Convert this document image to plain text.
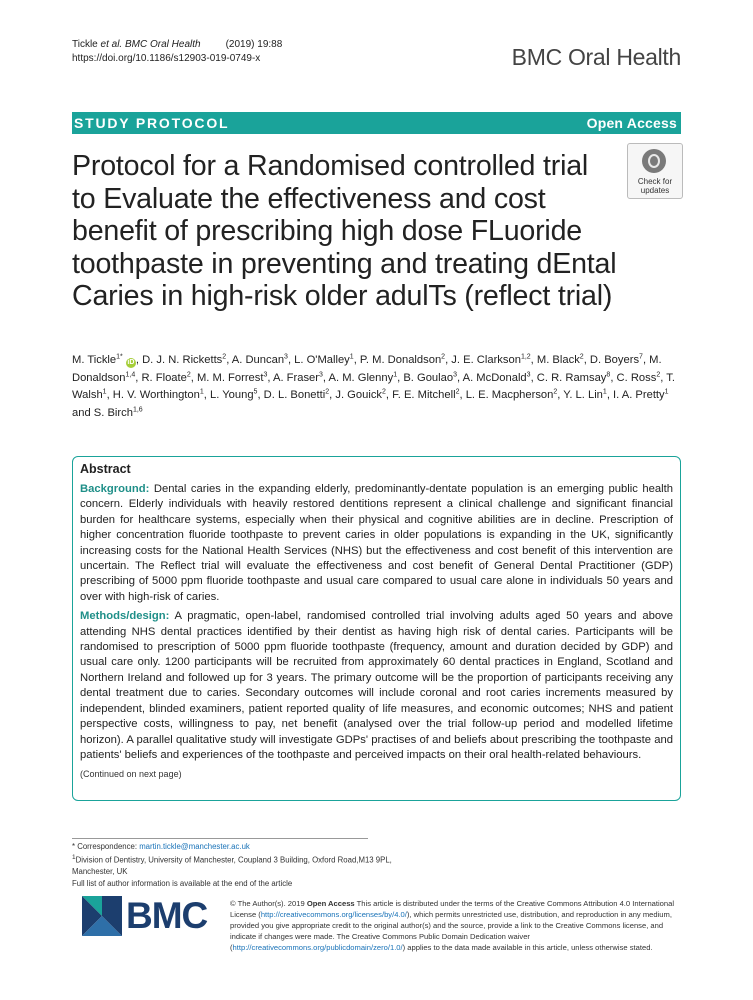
Tickle et al. BMC Oral Health	(2019) 19:88
https://doi.org/10.1186/s12903-019-0749-x	BMC Oral Health
STUDY PROTOCOL	Open Access
Protocol for a Randomised controlled trial to Evaluate the effectiveness and cost benefit of prescribing high dose FLuoride toothpaste in preventing and treating dEntal Caries in high-risk older adulTs (reflect trial)
Check for updates
M. Tickle$^{1*}$ iD , D. J. N. Ricketts$^2$, A. Duncan$^3$, L. O'Malley$^1$, P. M. Donaldson$^2$, J. E. Clarkson$^{1,2}$, M. Black$^2$, D. Boyers$^7$, M. Donaldson$^{1,4}$, R. Floate$^2$, M. M. Forrest$^3$, A. Fraser$^3$, A. M. Glenny$^1$, B. Goulao$^3$, A. McDonald$^3$, C. R. Ramsay$^8$, C. Ross$^2$, T. Walsh$^1$, H. V. Worthington$^1$, L. Young$^5$, D. L. Bonetti$^2$, J. Gouick$^2$, F. E. Mitchell$^2$, L. E. Macpherson$^2$, Y. L. Lin$^1$, I. A. Pretty$^1$ and S. Birch$^{1,6}$
Abstract

Background: Dental caries in the expanding elderly, predominantly-dentate population is an emerging public health concern. Elderly individuals with heavily restored dentitions represent a clinical challenge and significant financial burden for healthcare systems, especially when their physical and cognitive abilities are in decline. Prescription of higher concentration fluoride toothpaste to prevent caries in older populations is expanding in the UK, significantly increasing costs for the National Health Services (NHS) but the effectiveness and cost benefit of this intervention are uncertain. The Reflect trial will evaluate the effectiveness and cost benefit of General Dental Practitioner (GDP) prescribing of 5000 ppm fluoride toothpaste and usual care compared to usual care alone in individuals 50 years and over with high-risk of caries.

Methods/design: A pragmatic, open-label, randomised controlled trial involving adults aged 50 years and above attending NHS dental practices identified by their dentist as having high risk of dental caries. Participants will be randomised to prescription of 5000 ppm fluoride toothpaste (frequency, amount and duration decided by GDP) and usual care only. 1200 participants will be recruited from approximately 60 dental practices in England, Scotland and Northern Ireland and followed up for 3 years. The primary outcome will be the proportion of participants receiving any dental treatment due to caries. Secondary outcomes will include coronal and root caries increments measured by independent, blinded examiners, patient reported quality of life measures, and economic outcomes; NHS and patient perspective costs, willingness to pay, net benefit (analysed over the trial follow-up period and modelled lifetime horizon). A parallel qualitative study will investigate GDPs' practises of and beliefs about prescribing the toothpaste and patients' beliefs and experiences of the toothpaste and perceived impacts on their oral health-related behaviours.

(Continued on next page)
* Correspondence: martin.tickle@manchester.ac.uk
$^1$Division of Dentistry, University of Manchester, Coupland 3 Building, Oxford Road,M13 9PL, Manchester, UK
Full list of author information is available at the end of the article
BMC	© The Author(s). 2019 Open Access This article is distributed under the terms of the Creative Commons Attribution 4.0 International License (http://creativecommons.org/licenses/by/4.0/), which permits unrestricted use, distribution, and reproduction in any medium, provided you give appropriate credit to the original author(s) and the source, provide a link to the Creative Commons license, and indicate if changes were made. The Creative Commons Public Domain Dedication waiver (http://creativecommons.org/publicdomain/zero/1.0/) applies to the data made available in this article, unless otherwise stated.
